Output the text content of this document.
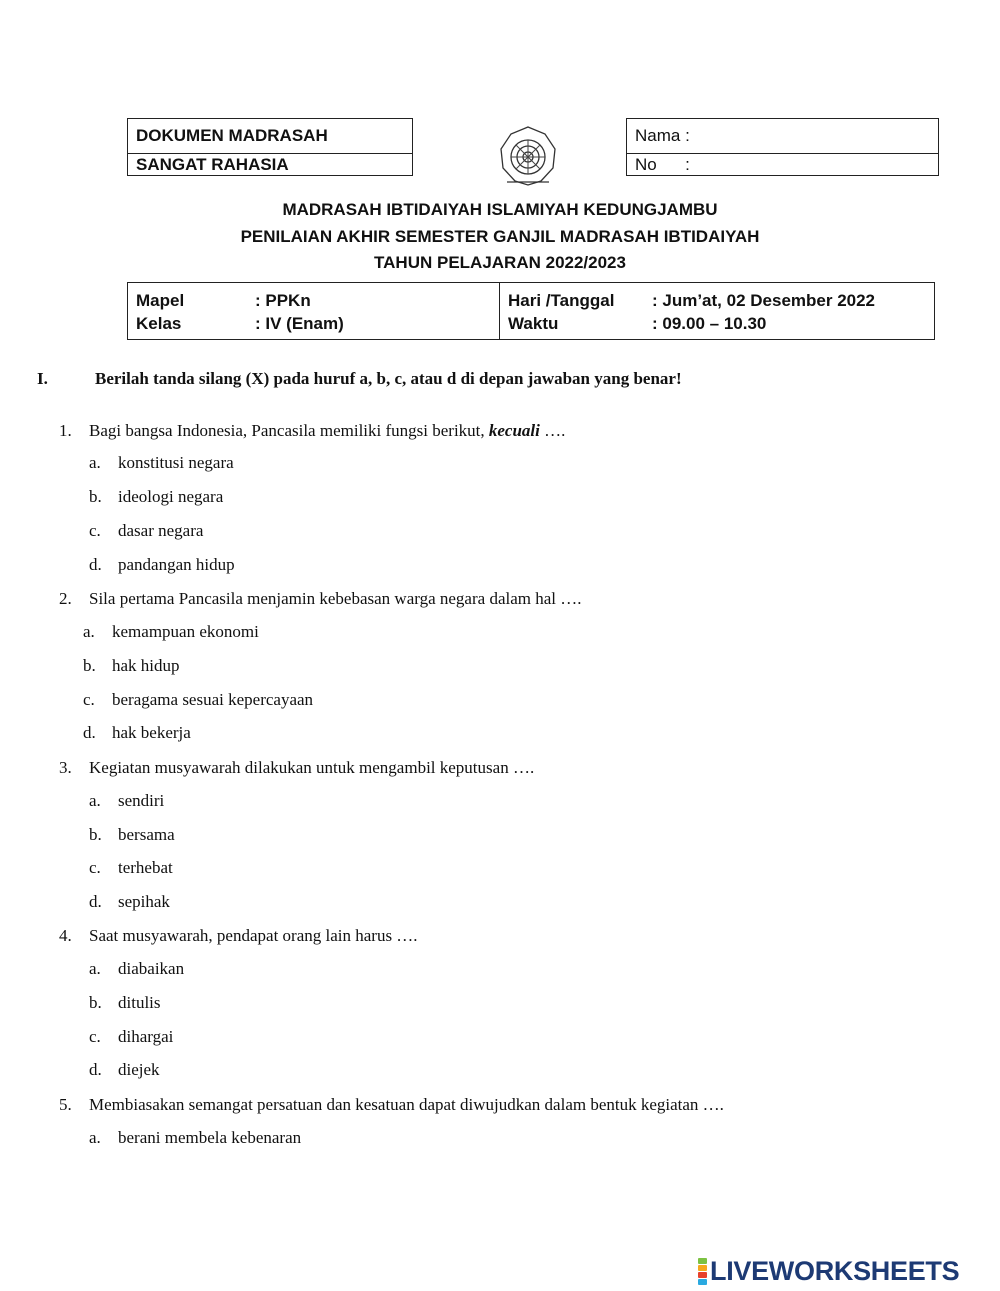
DOKUMEN MADRASAH
SANGAT RAHASIA
Nama :
No      :
MADRASAH IBTIDAIYAH ISLAMIYAH KEDUNGJAMBU
PENILAIAN AKHIR SEMESTER GANJIL MADRASAH IBTIDAIYAH
TAHUN PELAJARAN 2022/2023
Mapel	: PPKn
Kelas	: IV (Enam)
Hari /Tanggal : Jum’at, 02 Desember 2022
Waktu	: 09.00 – 10.30
I.	Berilah tanda silang (X) pada huruf a, b, c, atau d di depan jawaban yang benar!
1. Bagi bangsa Indonesia, Pancasila memiliki fungsi berikut, kecuali ….
a. konstitusi negara
b. ideologi negara
c. dasar negara
d. pandangan hidup
2. Sila pertama Pancasila menjamin kebebasan warga negara dalam hal ….
a. kemampuan ekonomi
b. hak hidup
c. beragama sesuai kepercayaan
d. hak bekerja
3. Kegiatan musyawarah dilakukan untuk mengambil keputusan ….
a. sendiri
b. bersama
c. terhebat
d. sepihak
4. Saat musyawarah, pendapat orang lain harus ….
a. diabaikan
b. ditulis
c. dihargai
d. diejek
5. Membiasakan semangat persatuan dan kesatuan dapat diwujudkan dalam bentuk kegiatan ….
a. berani membela kebenaran
LIVEWORKSHEETS
